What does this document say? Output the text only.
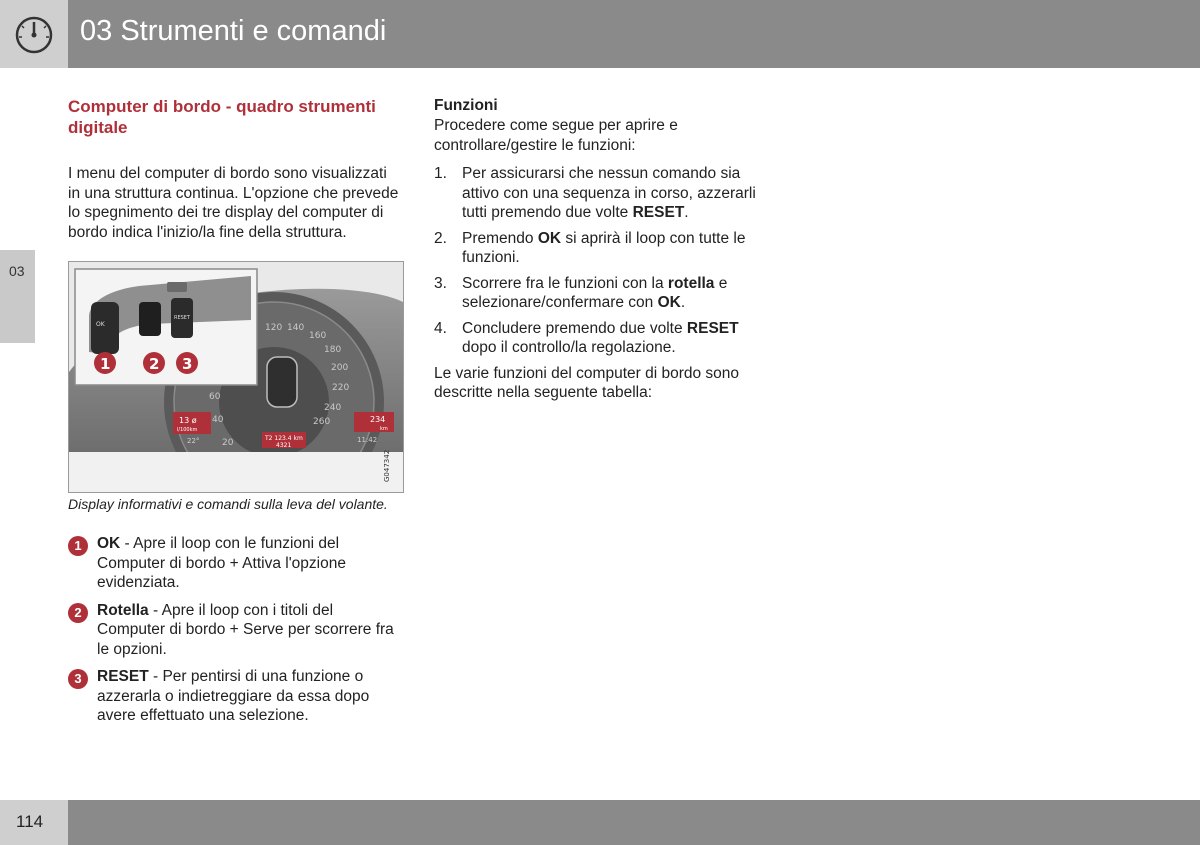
03 Strumenti e comandi
03
Computer di bordo - quadro strumenti digitale

I menu del computer di bordo sono visualizzati in una struttura continua. L'opzione che prevede lo spegnimento dei tre display del computer di bordo indica l'inizio/la fine della struttura.

20
40
60
120 140
160
180
200
220
240
260
13 ø
l/100km
22°	T2 123.4 km
4321
234
km
11:42
OK
RESET
1	2 3
G047342
Display informativi e comandi sulla leva del volante.
1 OK - Apre il loop con le funzioni del Computer di bordo + Attiva l'opzione evidenziata.
2 Rotella - Apre il loop con i titoli del Computer di bordo + Serve per scorrere fra le opzioni.
3 RESET - Per pentirsi di una funzione o azzerarla o indietreggiare da essa dopo avere effettuato una selezione.
Funzioni

Procedere come segue per aprire e controllare/gestire le funzioni:

1. Per assicurarsi che nessun comando sia attivo con una sequenza in corso, azzerarli tutti premendo due volte RESET.
2. Premendo OK si aprirà il loop con tutte le funzioni.
3. Scorrere fra le funzioni con la rotella e selezionare/confermare con OK.
4. Concludere premendo due volte RESET dopo il controllo/la regolazione.

Le varie funzioni del computer di bordo sono descritte nella seguente tabella:

114
